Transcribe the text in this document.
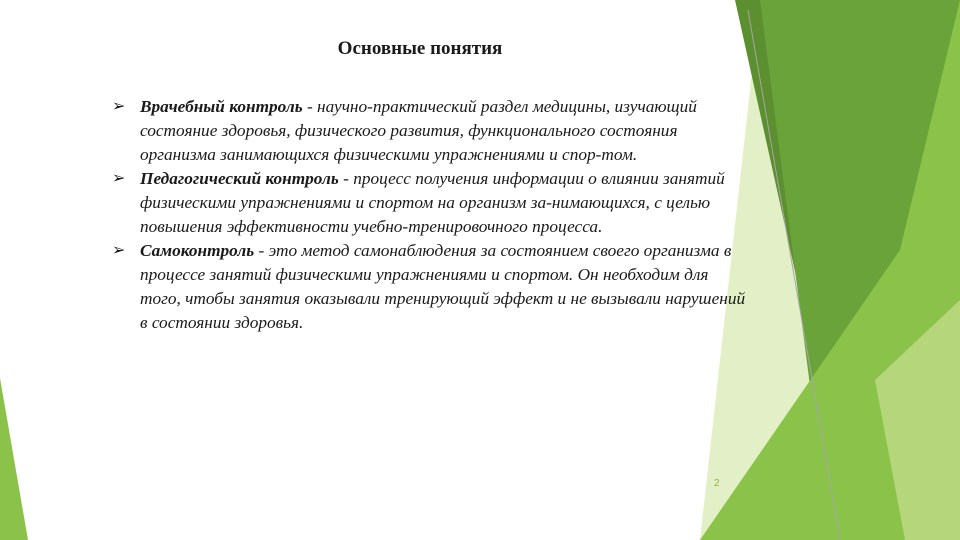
Основные понятия
➢ Врачебный контроль - научно-практический раздел медицины, изучающий состояние здоровья, физического развития, функционального состояния организма занимающихся физическими упражнениями и спор-том.
➢ Педагогический контроль - процесс получения информации о влиянии занятий физическими упражнениями и спортом на организм за-нимающихся, с целью повышения эффективности учебно-тренировочного процесса.
➢ Самоконтроль - это метод самонаблюдения за состоянием своего организма в процессе занятий физическими упражнениями и спортом. Он необходим для того, чтобы занятия оказывали тренирующий эффект и не вызывали нарушений в состоянии здоровья.
2
